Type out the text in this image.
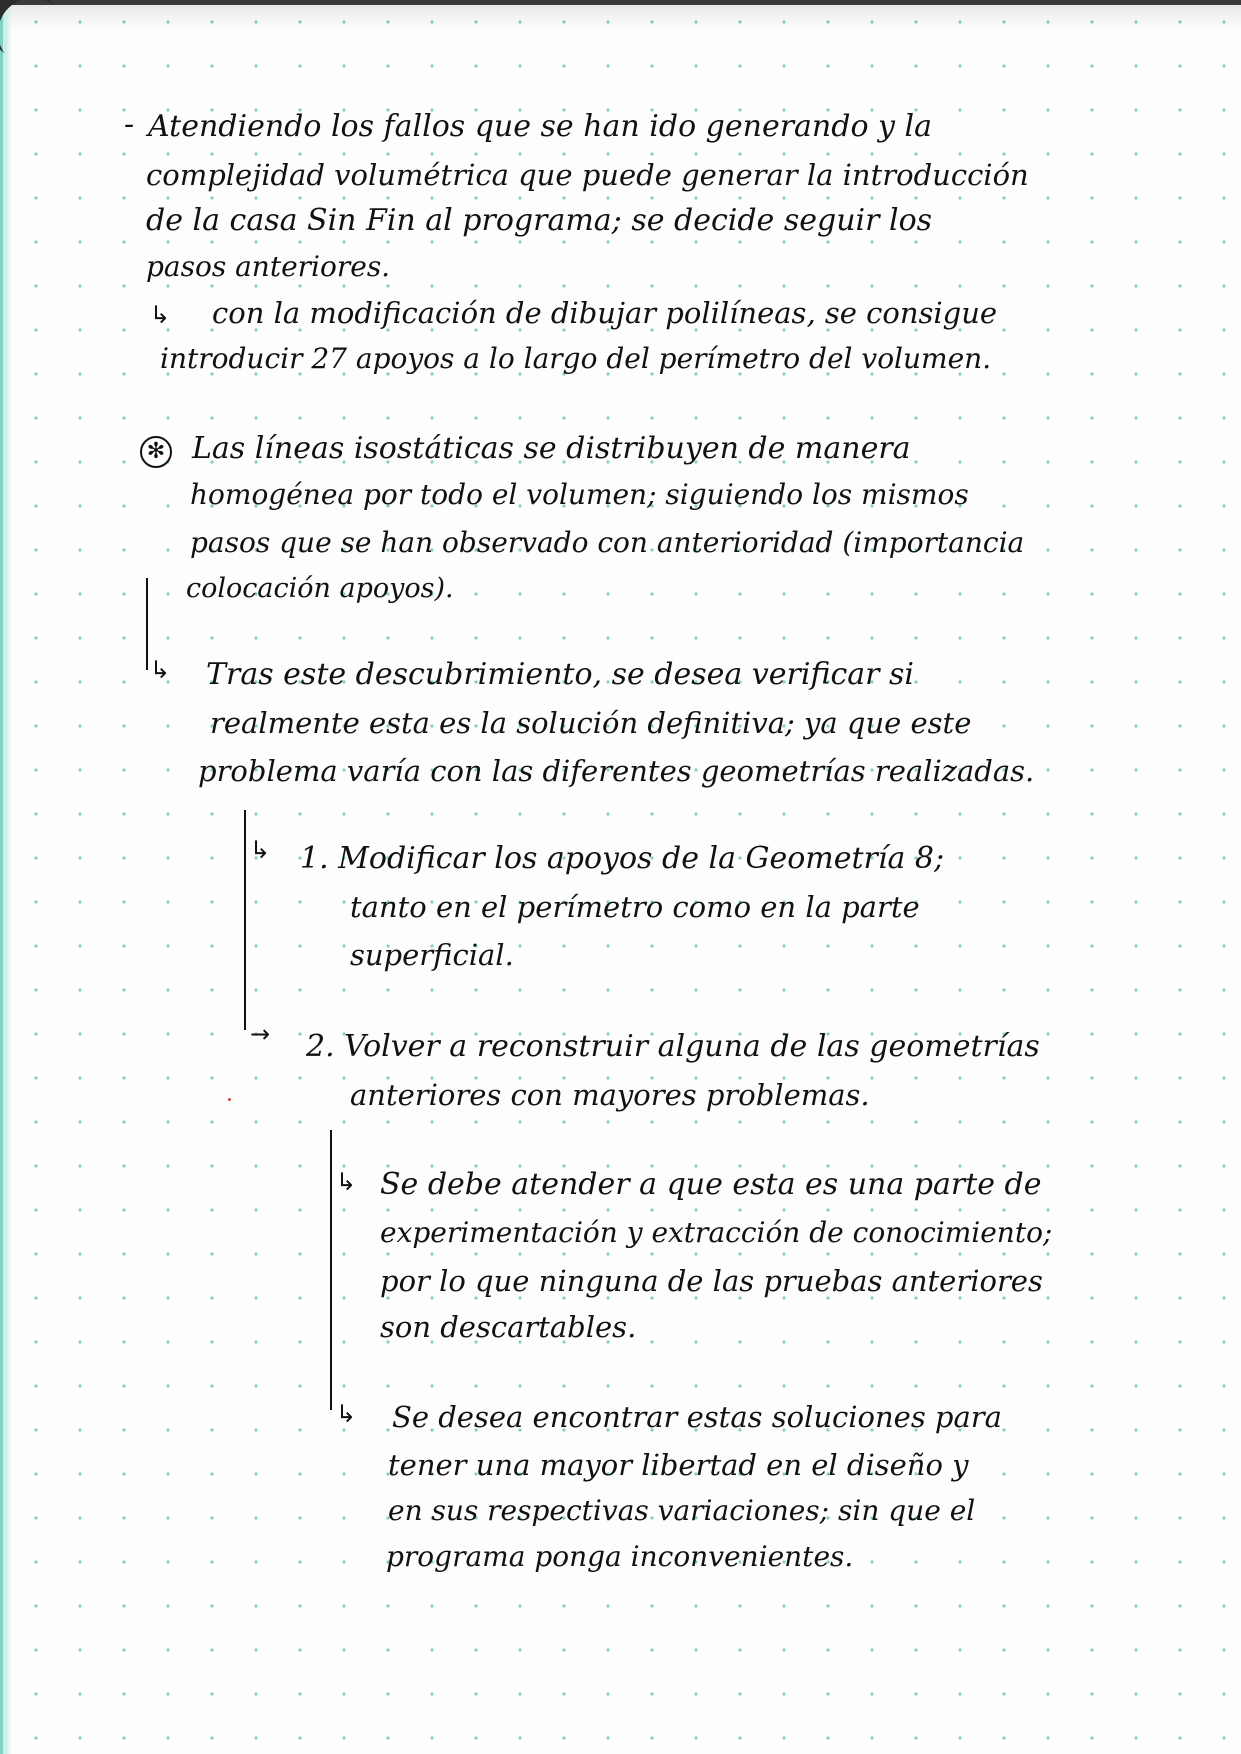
- Atendiendo los fallos que se han ido generando y la
complejidad volumétrica que puede generar la introducción
de la casa Sin Fin al programa; se decide seguir los
pasos anteriores.
↳ con la modificación de dibujar polilíneas, se consigue
introducir 27 apoyos a lo largo del perímetro del volumen.
✻ Las líneas isostáticas se distribuyen de manera
homogénea por todo el volumen; siguiendo los mismos
pasos que se han observado con anterioridad (importancia
colocación apoyos).
↳ Tras este descubrimiento, se desea verificar si
realmente esta es la solución definitiva; ya que este
problema varía con las diferentes geometrías realizadas.
↳ 1. Modificar los apoyos de la Geometría 8;
tanto en el perímetro como en la parte
superficial.
→ 2. Volver a reconstruir alguna de las geometrías
anteriores con mayores problemas.
↳ Se debe atender a que esta es una parte de
experimentación y extracción de conocimiento;
por lo que ninguna de las pruebas anteriores
son descartables.
↳ Se desea encontrar estas soluciones para
tener una mayor libertad en el diseño y
en sus respectivas variaciones; sin que el
programa ponga inconvenientes.
